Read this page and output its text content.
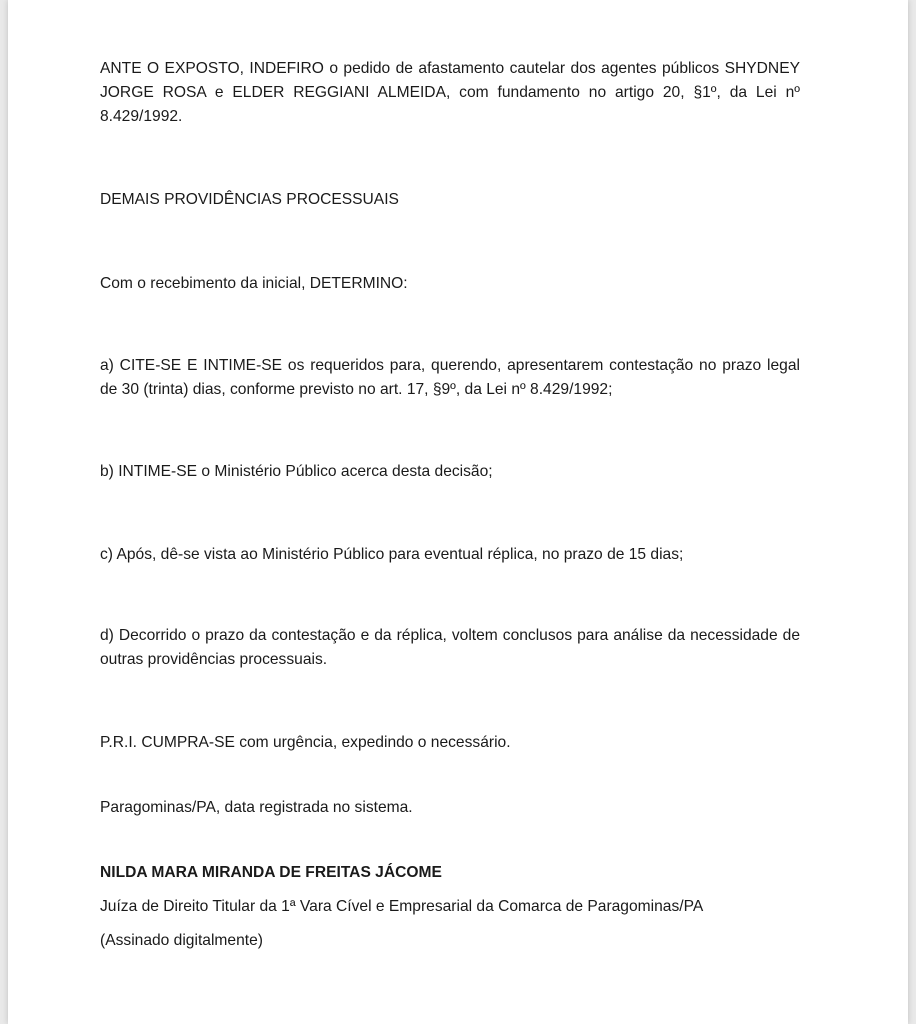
ANTE O EXPOSTO, INDEFIRO o pedido de afastamento cautelar dos agentes públicos SHYDNEY JORGE ROSA e ELDER REGGIANI ALMEIDA, com fundamento no artigo 20, §1º, da Lei nº 8.429/1992.

DEMAIS PROVIDÊNCIAS PROCESSUAIS

Com o recebimento da inicial, DETERMINO:

a) CITE-SE E INTIME-SE os requeridos para, querendo, apresentarem contestação no prazo legal de 30 (trinta) dias, conforme previsto no art. 17, §9º, da Lei nº 8.429/1992;

b) INTIME-SE o Ministério Público acerca desta decisão;

c) Após, dê-se vista ao Ministério Público para eventual réplica, no prazo de 15 dias;

d) Decorrido o prazo da contestação e da réplica, voltem conclusos para análise da necessidade de outras providências processuais.

P.R.I. CUMPRA-SE com urgência, expedindo o necessário.

Paragominas/PA, data registrada no sistema.

NILDA MARA MIRANDA DE FREITAS JÁCOME

Juíza de Direito Titular da 1ª Vara Cível e Empresarial da Comarca de Paragominas/PA

(Assinado digitalmente)
